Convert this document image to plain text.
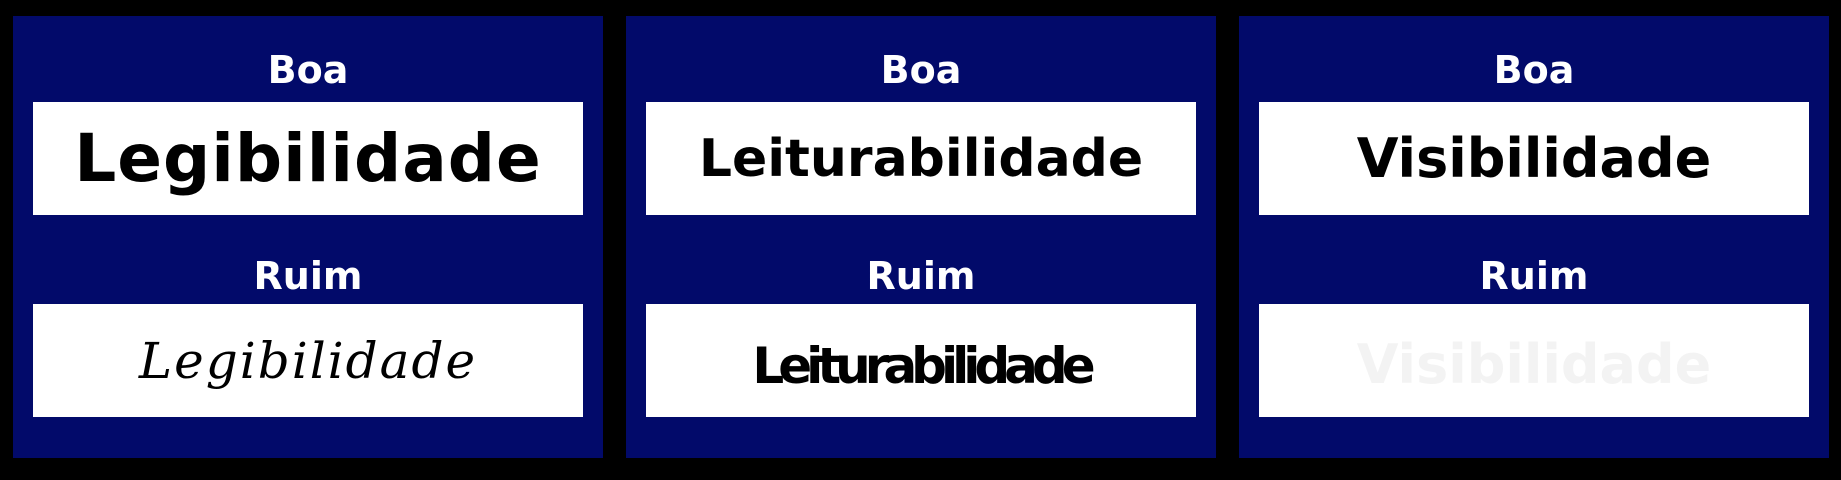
Boa
Legibilidade
Ruim
Legibilidade
Boa
Leiturabilidade
Ruim
Leiturabilidade
Boa
Visibilidade
Ruim
Visibilidade
